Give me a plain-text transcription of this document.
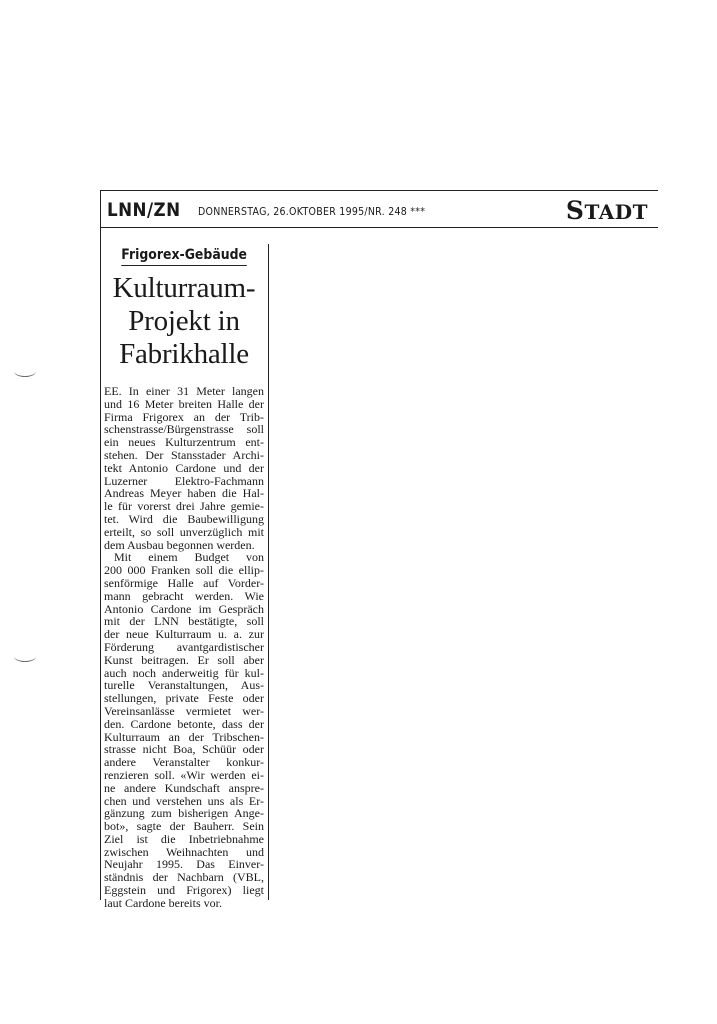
LNN/ZN DONNERSTAG, 26.OKTOBER 1995/NR. 248 ***	STADT
Frigorex-Gebäude
Kulturraum-
Projekt in
Fabrikhalle
EE. In einer 31 Meter langen
und 16 Meter breiten Halle der
Firma Frigorex an der Trib-
schenstrasse/Bürgenstrasse soll
ein neues Kulturzentrum ent-
stehen. Der Stansstader Archi-
tekt Antonio Cardone und der
Luzerner Elektro-Fachmann
Andreas Meyer haben die Hal-
le für vorerst drei Jahre gemie-
tet. Wird die Baubewilligung
erteilt, so soll unverzüglich mit
dem Ausbau begonnen werden.
Mit einem Budget von
200 000 Franken soll die ellip-
senförmige Halle auf Vorder-
mann gebracht werden. Wie
Antonio Cardone im Gespräch
mit der LNN bestätigte, soll
der neue Kulturraum u. a. zur
Förderung avantgardistischer
Kunst beitragen. Er soll aber
auch noch anderweitig für kul-
turelle Veranstaltungen, Aus-
stellungen, private Feste oder
Vereinsanlässe vermietet wer-
den. Cardone betonte, dass der
Kulturraum an der Tribschen-
strasse nicht Boa, Schüür oder
andere Veranstalter konkur-
renzieren soll. «Wir werden ei-
ne andere Kundschaft anspre-
chen und verstehen uns als Er-
gänzung zum bisherigen Ange-
bot», sagte der Bauherr. Sein
Ziel ist die Inbetriebnahme
zwischen Weihnachten und
Neujahr 1995. Das Einver-
ständnis der Nachbarn (VBL,
Eggstein und Frigorex) liegt
laut Cardone bereits vor.
